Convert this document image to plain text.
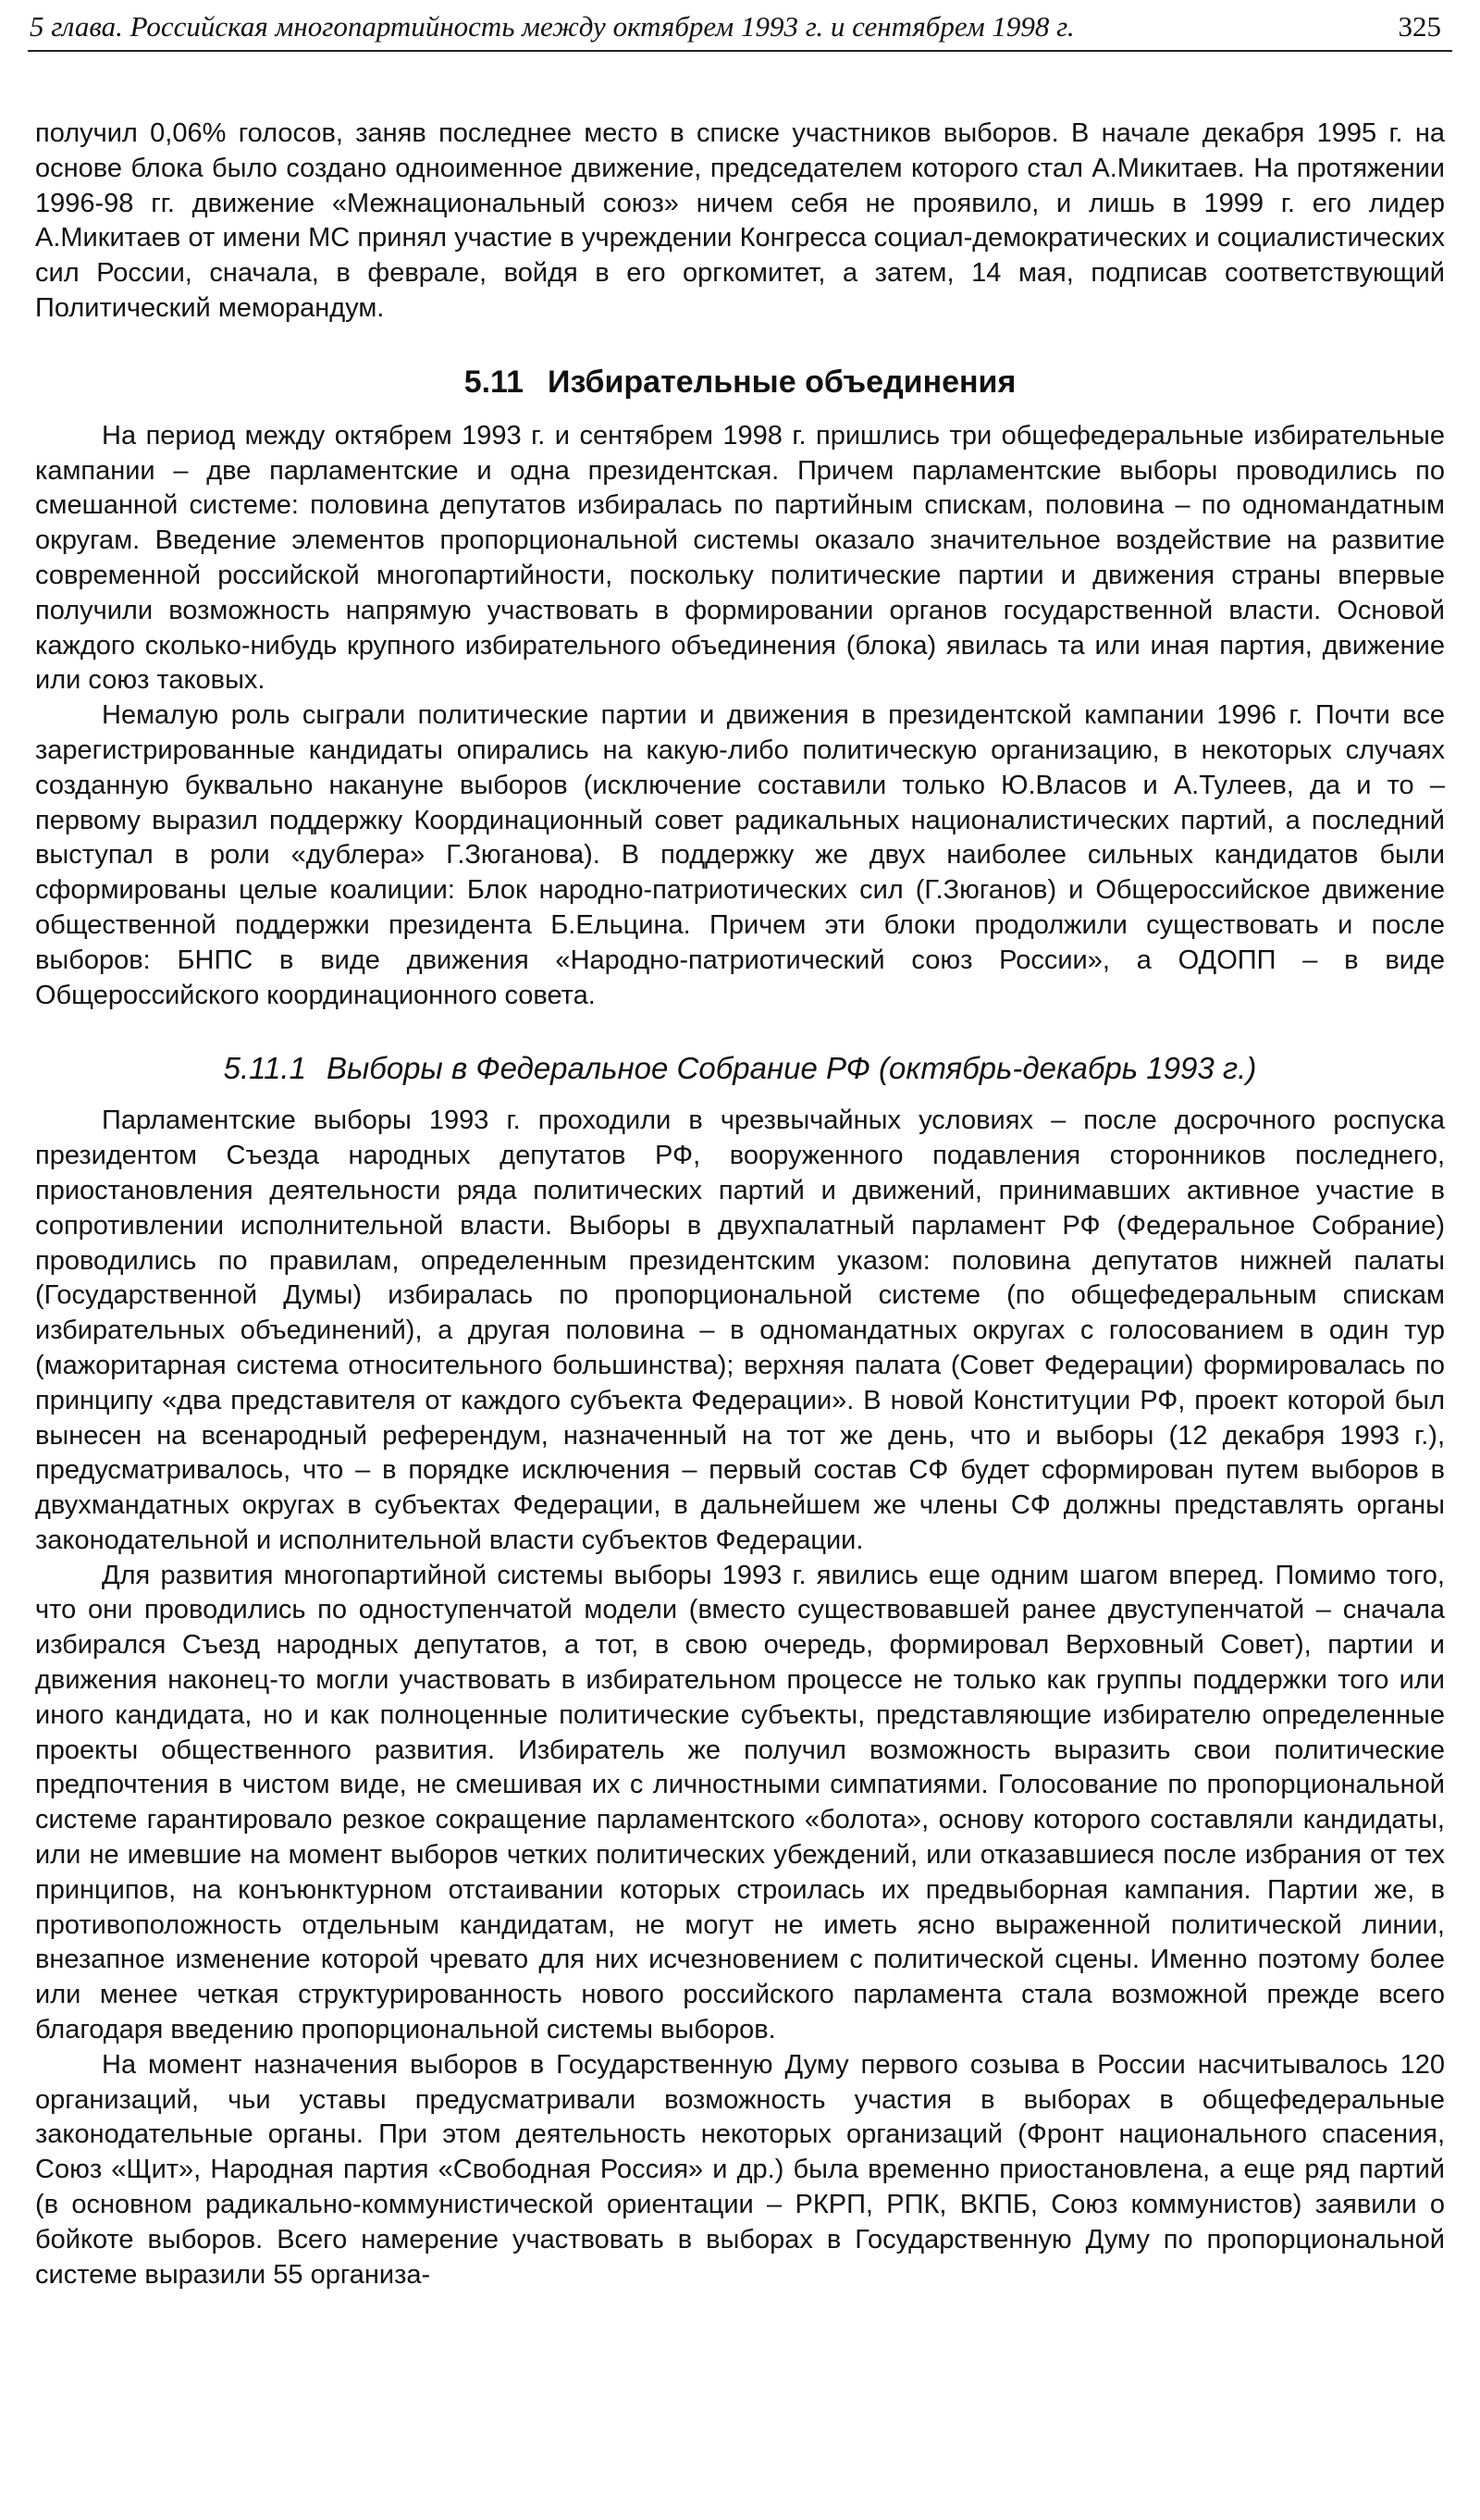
5 глава. Российская многопартийность между октябрем 1993 г. и сентябрем 1998 г.	325

получил 0,06% голосов, заняв последнее место в списке участников выборов. В начале декабря 1995 г. на основе блока было создано одноименное движение, председателем которого стал А.Микитаев. На протяжении 1996-98 гг. движение «Межнациональный союз» ничем себя не проявило, и лишь в 1999 г. его лидер А.Микитаев от имени МС принял участие в учреждении Конгресса социал-демократических и социалистических сил России, сначала, в феврале, войдя в его оргкомитет, а затем, 14 мая, подписав соответствующий Политический меморандум.

5.11 Избирательные объединения

На период между октябрем 1993 г. и сентябрем 1998 г. пришлись три общефедеральные избирательные кампании – две парламентские и одна президентская. Причем парламентские выборы проводились по смешанной системе: половина депутатов избиралась по партийным спискам, половина – по одномандатным округам. Введение элементов пропорциональной системы оказало значительное воздействие на развитие современной российской многопартийности, поскольку политические партии и движения страны впервые получили возможность напрямую участвовать в формировании органов государственной власти. Основой каждого сколько-нибудь крупного избирательного объединения (блока) явилась та или иная партия, движение или союз таковых.

Немалую роль сыграли политические партии и движения в президентской кампании 1996 г. Почти все зарегистрированные кандидаты опирались на какую-либо политическую организацию, в некоторых случаях созданную буквально накануне выборов (исключение составили только Ю.Власов и А.Тулеев, да и то – первому выразил поддержку Координационный совет радикальных националистических партий, а последний выступал в роли «дублера» Г.Зюганова). В поддержку же двух наиболее сильных кандидатов были сформированы целые коалиции: Блок народно-патриотических сил (Г.Зюганов) и Общероссийское движение общественной поддержки президента Б.Ельцина. Причем эти блоки продолжили существовать и после выборов: БНПС в виде движения «Народно-патриотический союз России», а ОДОПП – в виде Общероссийского координационного совета.

5.11.1 Выборы в Федеральное Собрание РФ (октябрь-декабрь 1993 г.)

Парламентские выборы 1993 г. проходили в чрезвычайных условиях – после досрочного роспуска президентом Съезда народных депутатов РФ, вооруженного подавления сторонников последнего, приостановления деятельности ряда политических партий и движений, принимавших активное участие в сопротивлении исполнительной власти. Выборы в двухпалатный парламент РФ (Федеральное Собрание) проводились по правилам, определенным президентским указом: половина депутатов нижней палаты (Государственной Думы) избиралась по пропорциональной системе (по общефедеральным спискам избирательных объединений), а другая половина – в одномандатных округах с голосованием в один тур (мажоритарная система относительного большинства); верхняя палата (Совет Федерации) формировалась по принципу «два представителя от каждого субъекта Федерации». В новой Конституции РФ, проект которой был вынесен на всенародный референдум, назначенный на тот же день, что и выборы (12 декабря 1993 г.), предусматривалось, что – в порядке исключения – первый состав СФ будет сформирован путем выборов в двухмандатных округах в субъектах Федерации, в дальнейшем же члены СФ должны представлять органы законодательной и исполнительной власти субъектов Федерации.

Для развития многопартийной системы выборы 1993 г. явились еще одним шагом вперед. Помимо того, что они проводились по одноступенчатой модели (вместо существовавшей ранее двуступенчатой – сначала избирался Съезд народных депутатов, а тот, в свою очередь, формировал Верховный Совет), партии и движения наконец-то могли участвовать в избирательном процессе не только как группы поддержки того или иного кандидата, но и как полноценные политические субъекты, представляющие избирателю определенные проекты общественного развития. Избиратель же получил возможность выразить свои политические предпочтения в чистом виде, не смешивая их с личностными симпатиями. Голосование по пропорциональной системе гарантировало резкое сокращение парламентского «болота», основу которого составляли кандидаты, или не имевшие на момент выборов четких политических убеждений, или отказавшиеся после избрания от тех принципов, на конъюнктурном отстаивании которых строилась их предвыборная кампания. Партии же, в противоположность отдельным кандидатам, не могут не иметь ясно выраженной политической линии, внезапное изменение которой чревато для них исчезновением с политической сцены. Именно поэтому более или менее четкая структурированность нового российского парламента стала возможной прежде всего благодаря введению пропорциональной системы выборов.

На момент назначения выборов в Государственную Думу первого созыва в России насчитывалось 120 организаций, чьи уставы предусматривали возможность участия в выборах в общефедеральные законодательные органы. При этом деятельность некоторых организаций (Фронт национального спасения, Союз «Щит», Народная партия «Свободная Россия» и др.) была временно приостановлена, а еще ряд партий (в основном радикально-коммунистической ориентации – РКРП, РПК, ВКПБ, Союз коммунистов) заявили о бойкоте выборов. Всего намерение участвовать в выборах в Государственную Думу по пропорциональной системе выразили 55 организа-
